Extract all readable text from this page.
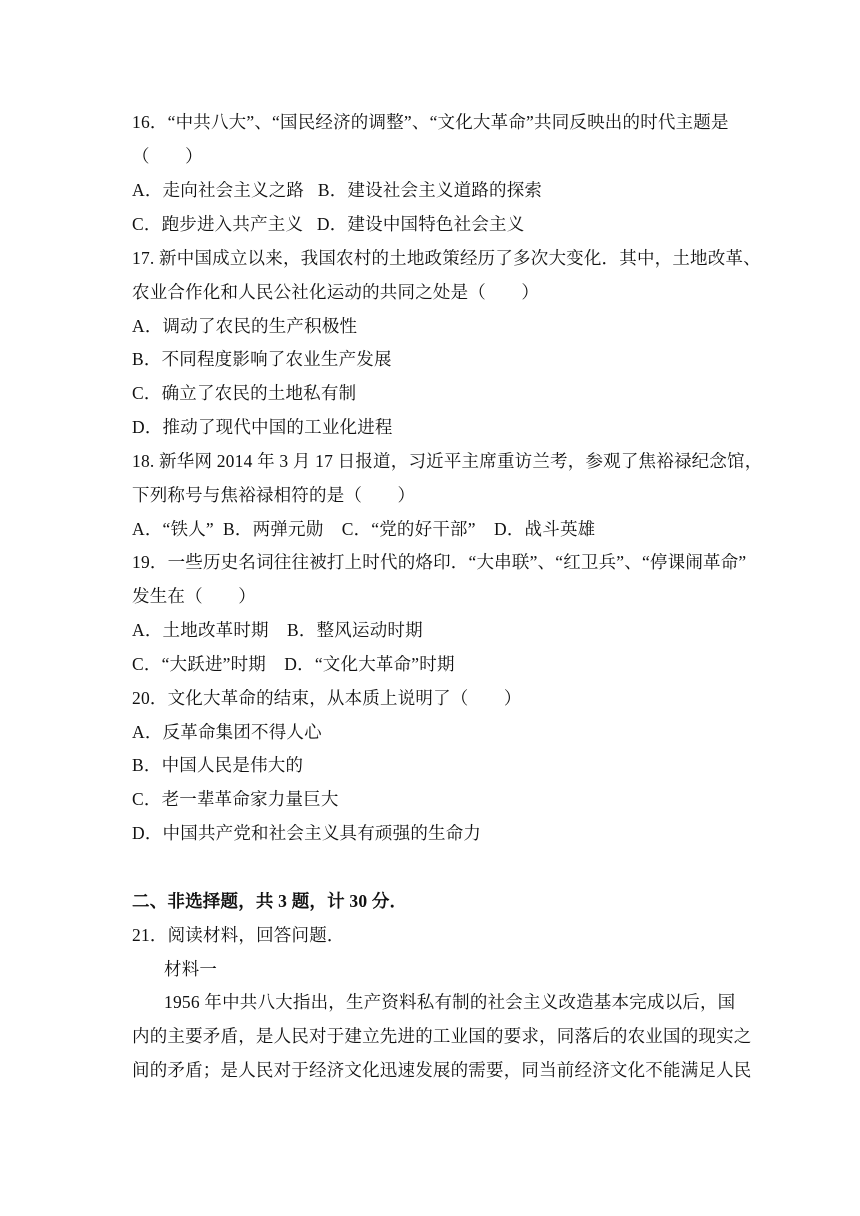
16．“中共八大”、“国民经济的调整”、“文化大革命”共同反映出的时代主题是
（　　）
A．走向社会主义之路   B．建设社会主义道路的探索
C．跑步进入共产主义   D．建设中国特色社会主义
17. 新中国成立以来，我国农村的土地政策经历了多次大变化．其中，土地改革、
农业合作化和人民公社化运动的共同之处是（　　）
A．调动了农民的生产积极性
B．不同程度影响了农业生产发展
C．确立了农民的土地私有制
D．推动了现代中国的工业化进程
18. 新华网 2014 年 3 月 17 日报道，习近平主席重访兰考，参观了焦裕禄纪念馆，
下列称号与焦裕禄相符的是（　　）
A．“铁人”  B．两弹元勋    C．“党的好干部”    D．战斗英雄
19．一些历史名词往往被打上时代的烙印．“大串联”、“红卫兵”、“停课闹革命”
发生在（　　）
A．土地改革时期    B．整风运动时期
C．“大跃进”时期    D．“文化大革命”时期
20．文化大革命的结束，从本质上说明了（　　）
A．反革命集团不得人心
B．中国人民是伟大的
C．老一辈革命家力量巨大
D．中国共产党和社会主义具有顽强的生命力
二、非选择题，共 3 题，计 30 分．
21．阅读材料，回答问题．
材料一
1956 年中共八大指出，生产资料私有制的社会主义改造基本完成以后，国
内的主要矛盾，是人民对于建立先进的工业国的要求，同落后的农业国的现实之
间的矛盾；是人民对于经济文化迅速发展的需要，同当前经济文化不能满足人民
